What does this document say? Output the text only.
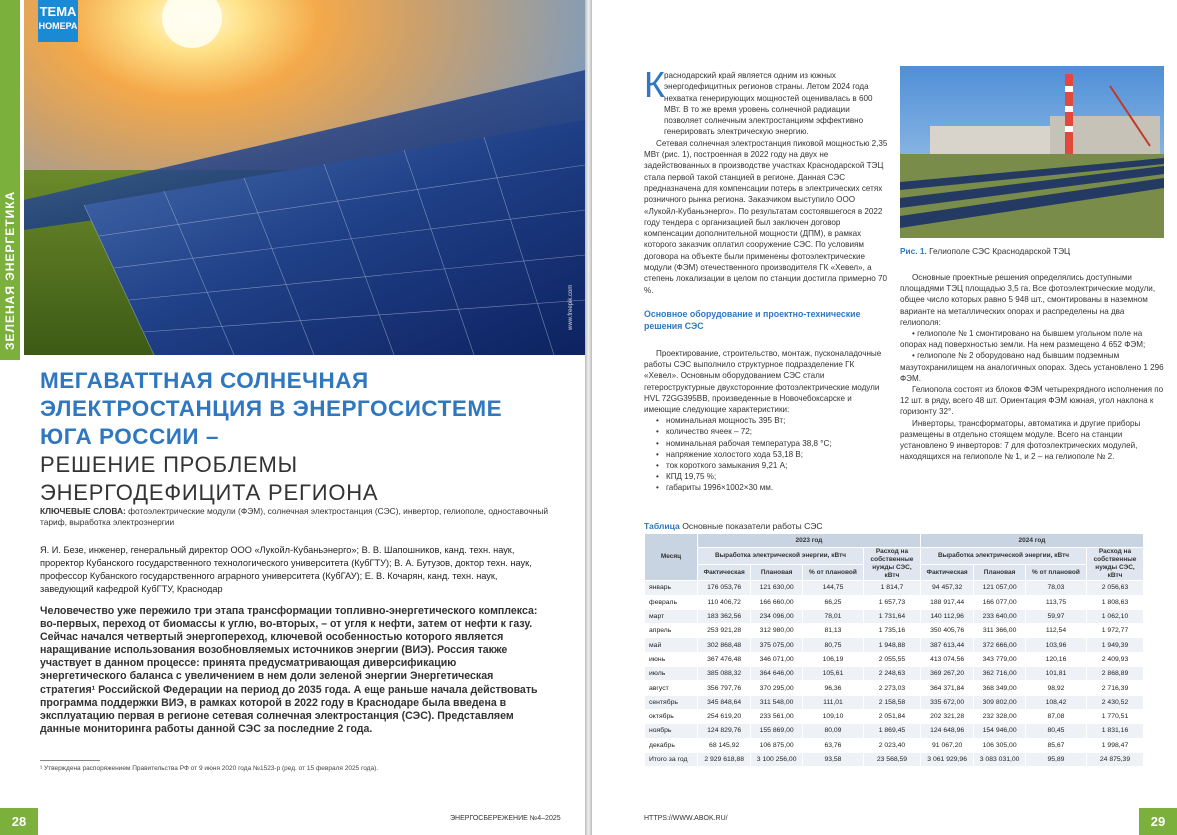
ЗЕЛЕНАЯ ЭНЕРГЕТИКА	www.freepik.com
ТЕМА
НОМЕРА
МЕГАВАТТНАЯ СОЛНЕЧНАЯ
ЭЛЕКТРОСТАНЦИЯ В ЭНЕРГОСИСТЕМЕ
ЮГА РОССИИ –
РЕШЕНИЕ ПРОБЛЕМЫ
ЭНЕРГОДЕФИЦИТА РЕГИОНА
КЛЮЧЕВЫЕ СЛОВА: фотоэлектрические модули (ФЭМ), солнечная электростанция (СЭС), инвертор, гелиополе, одноставочный тариф, выработка электроэнергии
Я. И. Безе, инженер, генеральный директор ООО «Лукойл-Кубаньэнерго»; В. В. Шапошников, канд. техн. наук, проректор Кубанского государственного технологического университета (КубГТУ); В. А. Бутузов, доктор техн. наук, профессор Кубанского государственного аграрного университета (КубГАУ); Е. В. Кочарян, канд. техн. наук, заведующий кафедрой КубГТУ, Краснодар
Человечество уже пережило три этапа трансформации топливно-энергетического комплекса: во-первых, переход от биомассы к углю, во-вторых, – от угля к нефти, затем от нефти к газу. Сейчас начался четвертый энергопереход, ключевой особенностью которого является наращивание использования возобновляемых источников энергии (ВИЭ). Россия также участвует в данном процессе: принята предусматривающая диверсификацию энергетического баланса с увеличением в нем доли зеленой энергии Энергетическая стратегия¹ Российской Федерации на период до 2035 года. А еще раньше начала действовать программа поддержки ВИЭ, в рамках которой в 2022 году в Краснодаре была введена в эксплуатацию первая в регионе сетевая солнечная электростанция (СЭС). Представляем данные мониторинга работы данной СЭС за последние 2 года.
¹ Утверждена распоряжением Правительства РФ от 9 июня 2020 года №1523-р (ред. от 15 февраля 2025 года).
28	ЭНЕРГОСБЕРЕЖЕНИЕ №4–2025
К раснодарский край является одним из южных энергодефицитных регионов страны. Летом 2024 года нехватка генерирующих мощностей оценивалась в 600 МВт. В то же время уровень солнечной радиации позволяет солнечным электростанциям эффективно генерировать электрическую энергию.

Сетевая солнечная электростанция пиковой мощностью 2,35 МВт (рис. 1), построенная в 2022 году на двух не задействованных в производстве участках Краснодарской ТЭЦ стала первой такой станцией в регионе. Данная СЭС предназначена для компенсации потерь в электрических сетях розничного рынка региона. Заказчиком выступило ООО «Лукойл-Кубаньэнерго». По результатам состоявшегося в 2022 году тендера с организацией был заключен договор компенсации дополнительной мощности (ДПМ), в рамках которого заказчик оплатил сооружение СЭС. По условиям договора на объекте были применены фотоэлектрические модули (ФЭМ) отечественного производителя ГК «Хевел», а степень локализации в целом по станции достигла примерно 70 %.

Основное оборудование и проектно-технические решения СЭС

Проектирование, строительство, монтаж, пусконаладочные работы СЭС выполнило структурное подразделение ГК «Хевел». Основным оборудованием СЭС стали гетероструктурные двухсторонние фотоэлектрические модули HVL 72GG395BB, произведенные в Новочебоксарске и имеющие следующие характеристики:

• номинальная мощность 395 Вт;
• количество ячеек – 72;
• номинальная рабочая температура 38,8 °С;
• напряжение холостого хода 53,18 В;
• ток короткого замыкания 9,21 А;
• КПД 19,75 %;
• габариты 1996×1002×30 мм.
Рис. 1. Гелиополе СЭС Краснодарской ТЭЦ

Основные проектные решения определялись доступными площадями ТЭЦ площадью 3,5 га. Все фотоэлектрические модули, общее число которых равно 5 948 шт., смонтированы в наземном варианте на металлических опорах и распределены на два гелиополя:

• гелиополе № 1 смонтировано на бывшем угольном поле на опорах над поверхностью земли. На нем размещено 4 652 ФЭМ;

• гелиополе № 2 оборудовано над бывшим подземным мазутохранилищем на аналогичных опорах. Здесь установлено 1 296 ФЭМ.

Гелиопола состоят из блоков ФЭМ четырехрядного исполнения по 12 шт. в ряду, всего 48 шт. Ориентация ФЭМ южная, угол наклона к горизонту 32°.

Инверторы, трансформаторы, автоматика и другие приборы размещены в отдельно стоящем модуле. Всего на станции установлено 9 инверторов: 7 для фотоэлектрических модулей, находящихся на гелиополе № 1, и 2 – на гелиополе № 2.

Таблица Основные показатели работы СЭС
Месяц	2023 год				2024 год			
	Выработка электрической энергии, кВтч			Расход на собственные нужды СЭС, кВтч	Выработка электрической энергии, кВтч			Расход на собственные нужды СЭС, кВтч
	Фактическая	Плановая	% от плановой		Фактическая	Плановая	% от плановой	
январь	176 053,76	121 630,00	144,75	1 814,7	94 457,32	121 057,00	78,03	2 056,63
февраль	110 406,72	166 660,00	66,25	1 657,73	188 917,44	166 077,00	113,75	1 808,63
март	183 362,56	234 096,00	78,01	1 731,64	140 112,96	233 640,00	59,97	1 062,10
апрель	253 921,28	312 980,00	81,13	1 735,16	350 405,76	311 366,00	112,54	1 972,77
май	302 868,48	375 075,00	80,75	1 948,88	387 613,44	372 666,00	103,96	1 949,39
июнь	367 476,48	346 071,00	106,19	2 055,55	413 074,56	343 779,00	120,16	2 409,93
июль	385 088,32	364 646,00	105,61	2 248,63	369 267,20	362 716,00	101,81	2 868,89
август	356 797,76	370 295,00	96,36	2 273,03	364 371,84	368 349,00	98,92	2 716,39
сентябрь	345 848,64	311 548,00	111,01	2 158,58	335 672,00	309 802,00	108,42	2 430,52
октябрь	254 619,20	233 561,00	109,10	2 051,84	202 321,28	232 328,00	87,08	1 770,51
ноябрь	124 829,76	155 869,00	80,09	1 869,45	124 648,96	154 946,00	80,45	1 831,16
декабрь	68 145,92	106 875,00	63,76	2 023,40	91 067,20	106 305,00	85,67	1 998,47
Итого за год	2 929 618,88	3 100 256,00	93,58	23 568,59	3 061 929,96	3 083 031,00	95,89	24 875,39
HTTPS://WWW.ABOK.RU/	29
